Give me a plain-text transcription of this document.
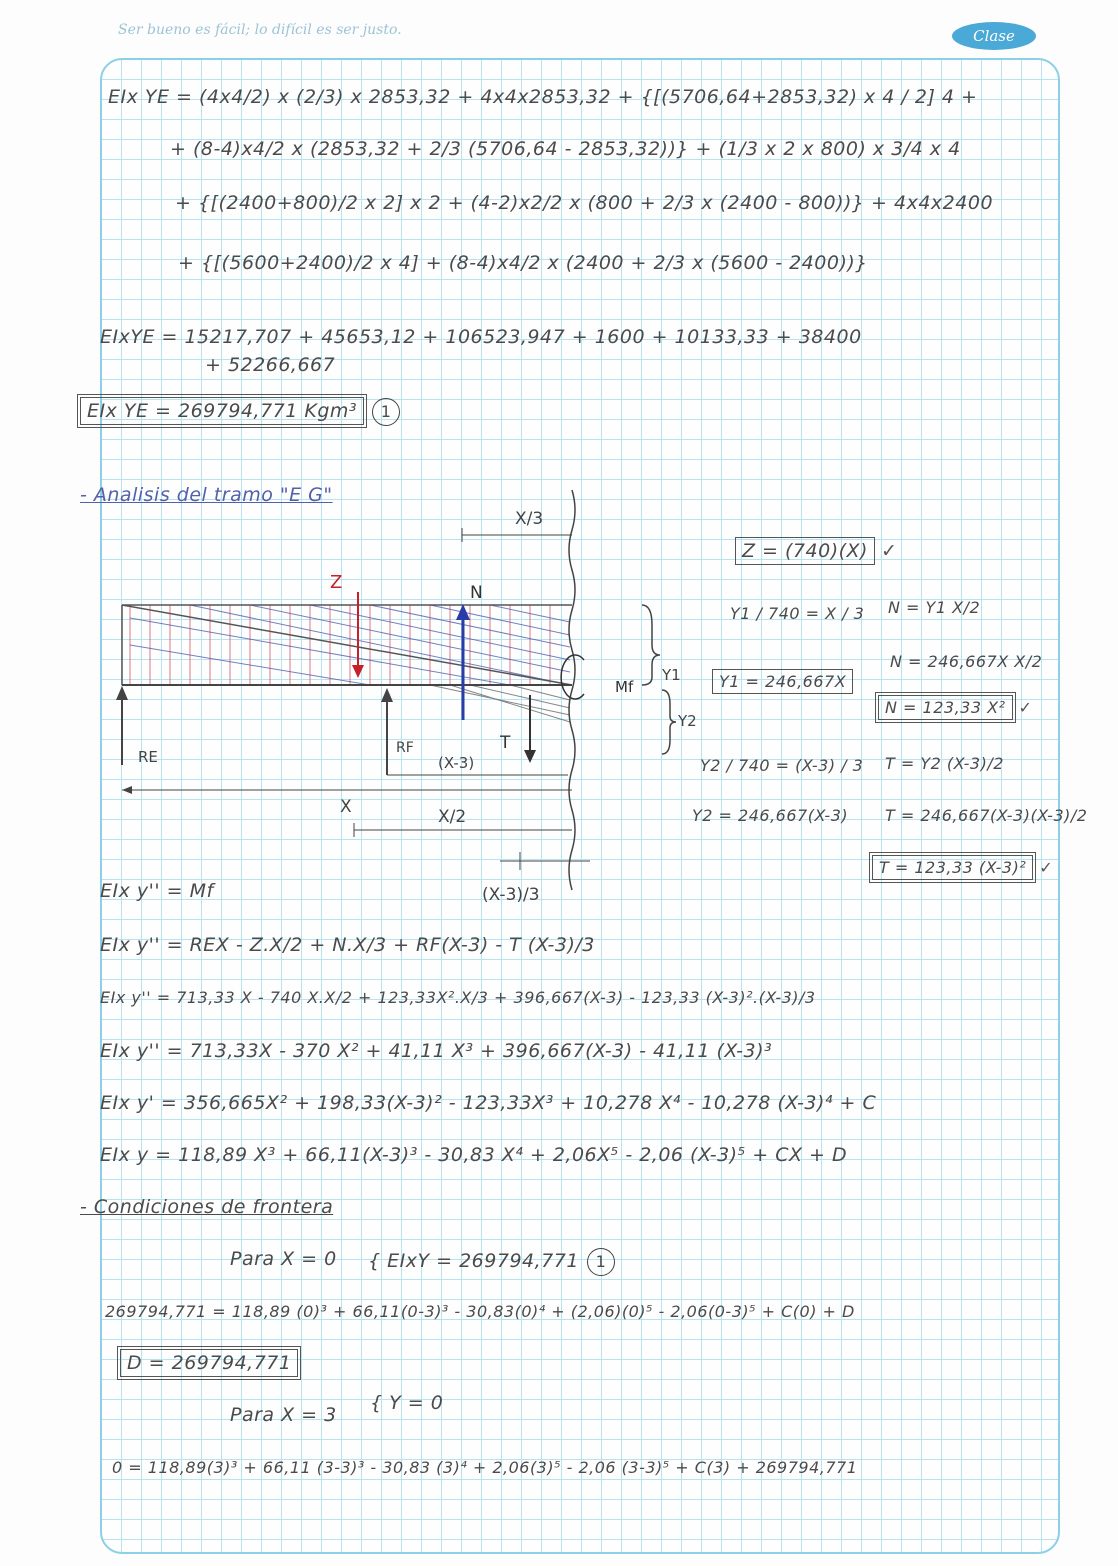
Ser bueno es fácil; lo difícil es ser justo.	Clase
EIx YE = (4x4/2) x (2/3) x 2853,32 + 4x4x2853,32 + {[(5706,64+2853,32) x 4 / 2] 4 +
+ (8-4)x4/2 x (2853,32 + 2/3 (5706,64 - 2853,32))} + (1/3 x 2 x 800) x 3/4 x 4
+ {[(2400+800)/2 x 2] x 2 + (4-2)x2/2 x (800 + 2/3 x (2400 - 800))} + 4x4x2400
+ {[(5600+2400)/2 x 4] + (8-4)x4/2 x (2400 + 2/3 x (5600 - 2400))}
EIxYE = 15217,707 + 45653,12 + 106523,947 + 1600 + 10133,33 + 38400
+ 52266,667
EIx YE = 269794,771 Kgm³ 1
- Analisis del tramo "E G"
Z	N
T
RE	RF
(X-3)
Mf
Y1
Y2
X/3
X	X/2
(X-3)/3
Z = (740)(X) ✓
Y1 / 740 = X / 3 N = Y1 X/2
N = 246,667X X/2
Y1 = 246,667X
N = 123,33 X² ✓
Y2 / 740 = (X-3) / 3 T = Y2 (X-3)/2
Y2 = 246,667(X-3) T = 246,667(X-3)(X-3)/2
T = 123,33 (X-3)² ✓
EIx y'' = Mf
EIx y'' = REX - Z.X/2 + N.X/3 + RF(X-3) - T (X-3)/3
EIx y'' = 713,33 X - 740 X.X/2 + 123,33X².X/3 + 396,667(X-3) - 123,33 (X-3)².(X-3)/3
EIx y'' = 713,33X - 370 X² + 41,11 X³ + 396,667(X-3) - 41,11 (X-3)³
EIx y' = 356,665X² + 198,33(X-3)² - 123,33X³ + 10,278 X⁴ - 10,278 (X-3)⁴ + C
EIx y = 118,89 X³ + 66,11(X-3)³ - 30,83 X⁴ + 2,06X⁵ - 2,06 (X-3)⁵ + CX + D
- Condiciones de frontera
Para X = 0 { EIxY = 269794,771 1
269794,771 = 118,89 (0)³ + 66,11(0-3)³ - 30,83(0)⁴ + (2,06)(0)⁵ - 2,06(0-3)⁵ + C(0) + D
D = 269794,771
Para X = 3
{ Y = 0
0 = 118,89(3)³ + 66,11 (3-3)³ - 30,83 (3)⁴ + 2,06(3)⁵ - 2,06 (3-3)⁵ + C(3) + 269794,771
